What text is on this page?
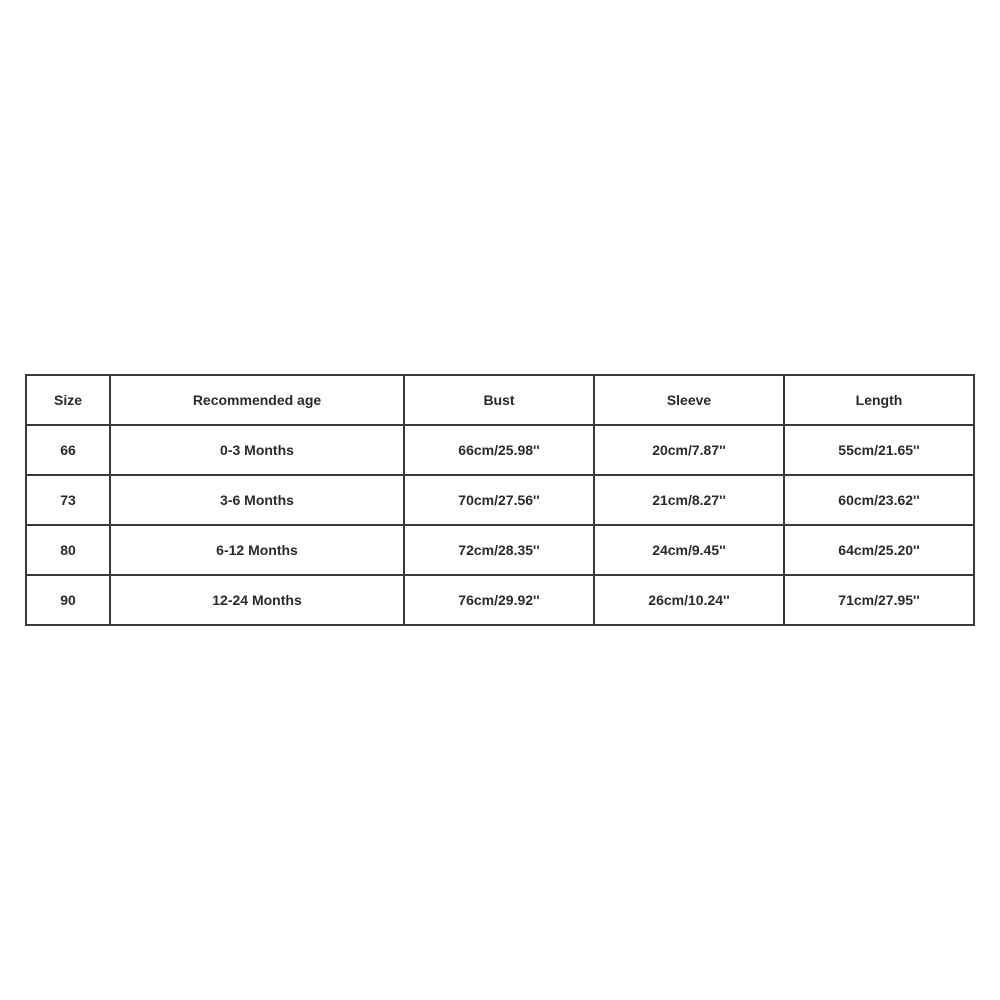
Size	Recommended age	Bust	Sleeve	Length
66	0-3 Months	66cm/25.98''	20cm/7.87''	55cm/21.65''
73	3-6 Months	70cm/27.56''	21cm/8.27''	60cm/23.62''
80	6-12 Months	72cm/28.35''	24cm/9.45''	64cm/25.20''
90	12-24 Months	76cm/29.92''	26cm/10.24''	71cm/27.95''
